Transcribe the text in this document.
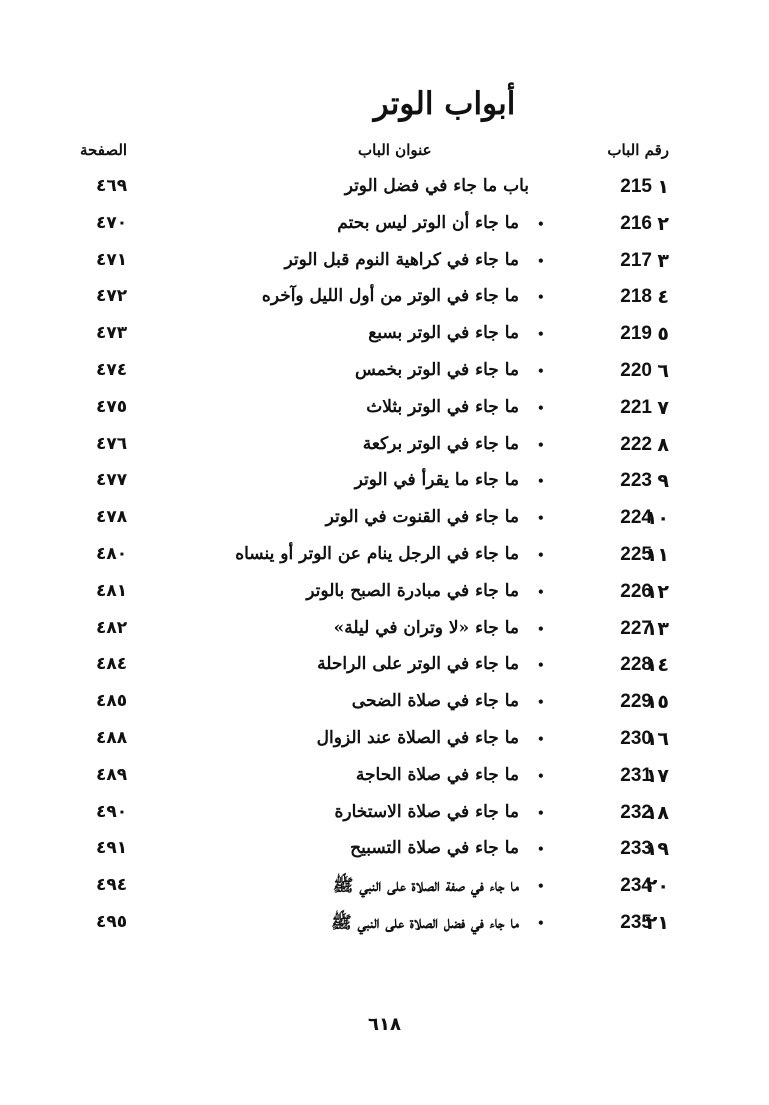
أبواب الوتر
رقم الباب
عنوان الباب
الصفحة
١
215
باب ما جاء في فضل الوتر
٤٦٩
٢
216
•
ما جاء أن الوتر ليس بحتم
٤٧٠
٣
217
•
ما جاء في كراهية النوم قبل الوتر
٤٧١
٤
218
•
ما جاء في الوتر من أول الليل وآخره
٤٧٢
٥
219
•
ما جاء في الوتر بسبع
٤٧٣
٦
220
•
ما جاء في الوتر بخمس
٤٧٤
٧
221
•
ما جاء في الوتر بثلاث
٤٧٥
٨
222
•
ما جاء في الوتر بركعة
٤٧٦
٩
223
•
ما جاء ما يقرأ في الوتر
٤٧٧
١٠
224
•
ما جاء في القنوت في الوتر
٤٧٨
١١
225
•
ما جاء في الرجل ينام عن الوتر أو ينساه
٤٨٠
١٢
226
•
ما جاء في مبادرة الصبح بالوتر
٤٨١
١٣
227
•
ما جاء «لا وتران في ليلة»
٤٨٢
١٤
228
•
ما جاء في الوتر على الراحلة
٤٨٤
١٥
229
•
ما جاء في صلاة الضحى
٤٨٥
١٦
230
•
ما جاء في الصلاة عند الزوال
٤٨٨
١٧
231
•
ما جاء في صلاة الحاجة
٤٨٩
١٨
232
•
ما جاء في صلاة الاستخارة
٤٩٠
١٩
233
•
ما جاء في صلاة التسبيح
٤٩١
٢٠
234
•
ما جاء في صفة الصلاة على النبي ﷺ
٤٩٤
٢١
235
•
ما جاء في فضل الصلاة على النبي ﷺ
٤٩٥
٦١٨
